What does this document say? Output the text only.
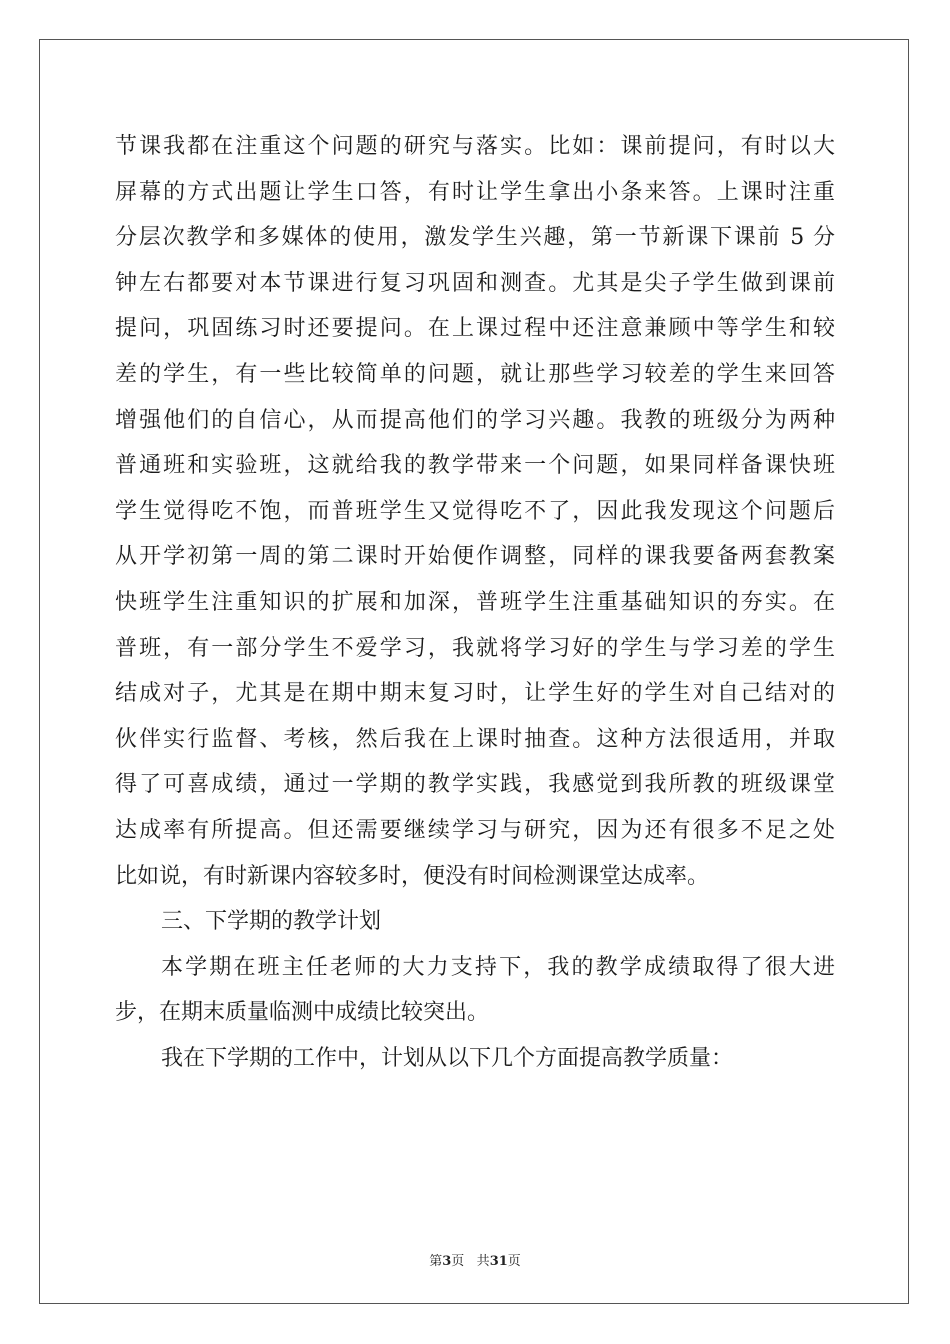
节课我都在注重这个问题的研究与落实。比如：课前提问，有时以大
屏幕的方式出题让学生口答，有时让学生拿出小条来答。上课时注重
分层次教学和多媒体的使用，激发学生兴趣，第一节新课下课前 5 分
钟左右都要对本节课进行复习巩固和测查。尤其是尖子学生做到课前
提问，巩固练习时还要提问。在上课过程中还注意兼顾中等学生和较
差的学生，有一些比较简单的问题，就让那些学习较差的学生来回答
增强他们的自信心，从而提高他们的学习兴趣。我教的班级分为两种
普通班和实验班，这就给我的教学带来一个问题，如果同样备课快班
学生觉得吃不饱，而普班学生又觉得吃不了，因此我发现这个问题后
从开学初第一周的第二课时开始便作调整，同样的课我要备两套教案
快班学生注重知识的扩展和加深，普班学生注重基础知识的夯实。在
普班，有一部分学生不爱学习，我就将学习好的学生与学习差的学生
结成对子，尤其是在期中期末复习时，让学生好的学生对自己结对的
伙伴实行监督、考核，然后我在上课时抽查。这种方法很适用，并取
得了可喜成绩，通过一学期的教学实践，我感觉到我所教的班级课堂
达成率有所提高。但还需要继续学习与研究，因为还有很多不足之处
比如说，有时新课内容较多时，便没有时间检测课堂达成率。
三、下学期的教学计划
本学期在班主任老师的大力支持下，我的教学成绩取得了很大进
步，在期末质量临测中成绩比较突出。
我在下学期的工作中，计划从以下几个方面提高教学质量：
第3页 共31页
